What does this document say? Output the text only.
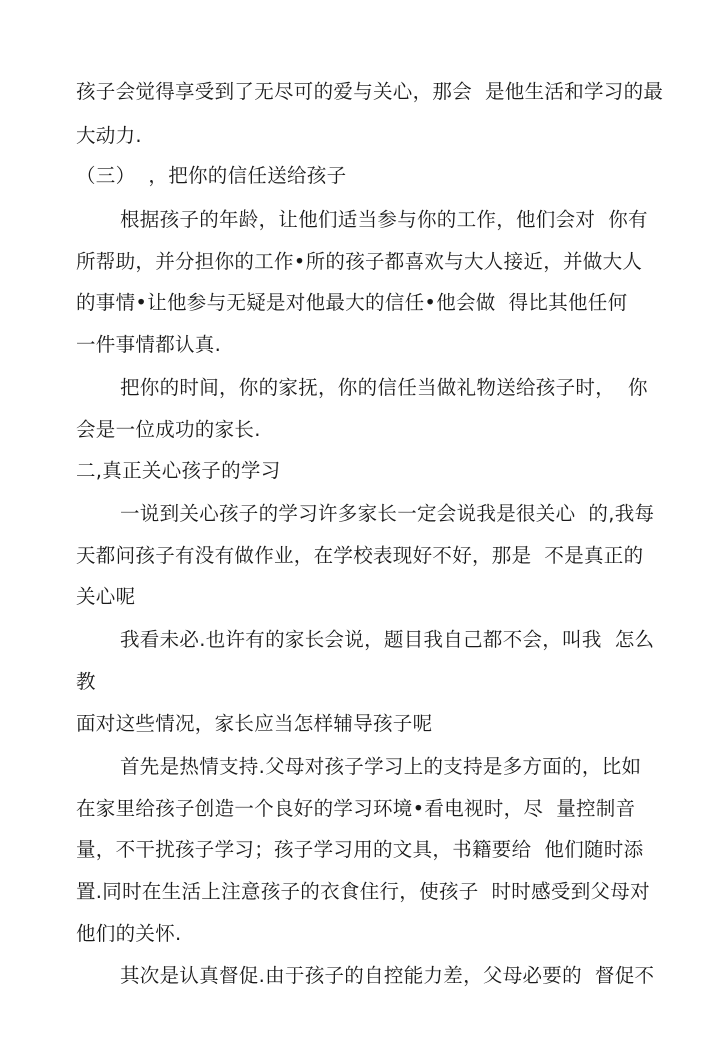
孩子会觉得享受到了无尽可的爱与关心，那会  是他生活和学习的最
大动力.
（三）  ，把你的信任送给孩子
根据孩子的年龄，让他们适当参与你的工作，他们会对  你有
所帮助，并分担你的工作•所的孩子都喜欢与大人接近，并做大人
的事情•让他参与无疑是对他最大的信任•他会做  得比其他任何
一件事情都认真.
把你的时间，你的家抚，你的信任当做礼物送给孩子时，  你
会是一位成功的家长.
二,真正关心孩子的学习
一说到关心孩子的学习许多家长一定会说我是很关心  的,我每
天都问孩子有没有做作业，在学校表现好不好，那是  不是真正的
关心呢
我看未必.也许有的家长会说，题目我自己都不会，叫我  怎么
教
面对这些情况，家长应当怎样辅导孩子呢
首先是热情支持.父母对孩子学习上的支持是多方面的，比如
在家里给孩子创造一个良好的学习环境•看电视时，尽  量控制音
量，不干扰孩子学习；孩子学习用的文具，书籍要给  他们随时添
置.同时在生活上注意孩子的衣食住行，使孩子  时时感受到父母对
他们的关怀.
其次是认真督促.由于孩子的自控能力差，父母必要的  督促不
